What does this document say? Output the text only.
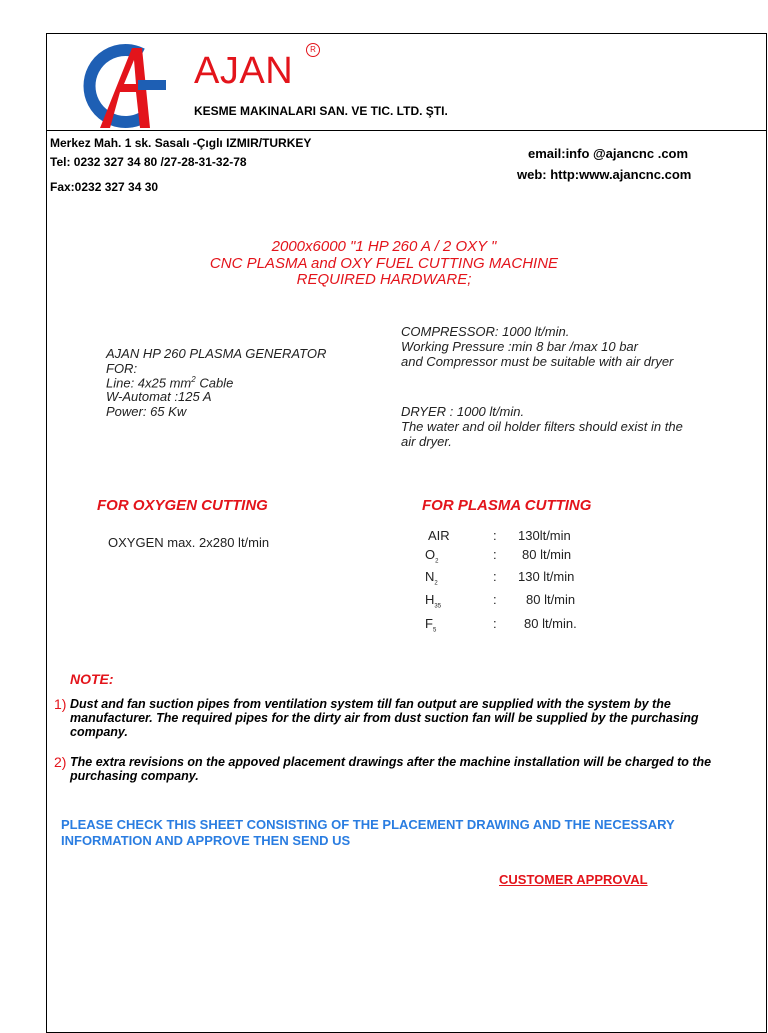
AJAN
R
KESME MAKINALARI SAN. VE TIC. LTD. ŞTI.
Merkez Mah. 1 sk. Sasalı -Çıglı IZMIR/TURKEY
Tel: 0232 327 34 80 /27-28-31-32-78
Fax:0232 327 34 30
email:info @ajancnc .com
web: http:www.ajancnc.com
2000x6000 "1 HP 260 A / 2 OXY "
CNC PLASMA and OXY FUEL CUTTING MACHINE
REQUIRED HARDWARE;
AJAN HP 260 PLASMA GENERATOR
FOR:
Line: 4x25 $mm^2$ Cable
W-Automat :125 A
Power: 65 Kw
COMPRESSOR: 1000 lt/min.
Working Pressure :min 8 bar /max 10 bar
and Compressor must be suitable with air dryer
DRYER : 1000 lt/min.
The water and oil holder filters should exist in the
air dryer.
FOR OXYGEN CUTTING
OXYGEN max. 2x280 lt/min
FOR PLASMA CUTTING
AIR	: 130lt/min
$O_2$	: 80 lt/min
$N_2$	: 130 lt/min
$H_{35}$	: 80 lt/min
$F_5$	: 80 lt/min.
NOTE:
1) Dust and fan suction pipes from ventilation system till fan output are supplied with the system by the manufacturer. The required pipes for the dirty air from dust suction fan will be supplied by the purchasing company.
2) The extra revisions on the appoved placement drawings after the machine installation will be charged to the purchasing company.
PLEASE CHECK THIS SHEET CONSISTING OF THE PLACEMENT DRAWING AND THE NECESSARY INFORMATION AND APPROVE THEN SEND US
CUSTOMER APPROVAL
